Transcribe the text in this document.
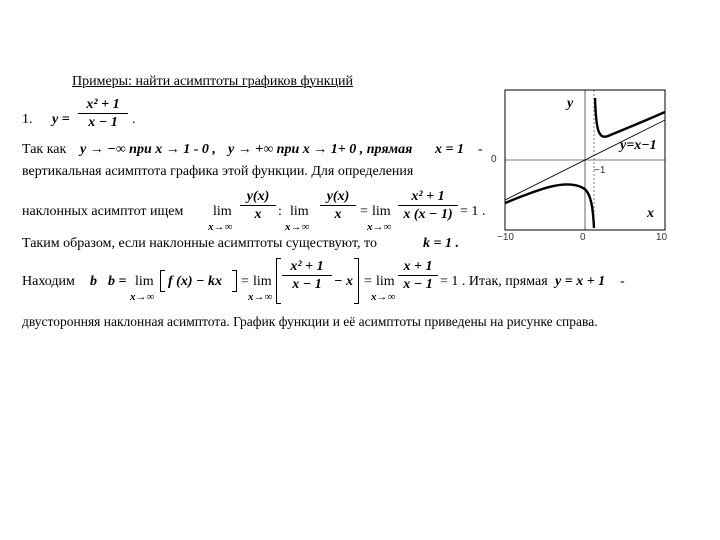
Примеры: найти асимптоты графиков функций
1. y =
x² + 1
x − 1	.
Так как y → −∞ при x → 1 - 0 , y → +∞ при x → 1+ 0 , прямая x = 1 -
вертикальная асимптота графика этой функции. Для определения
наклонных асимптот ищем lim
x→∞
y(x)
x	: lim
x→∞
y(x)
x	= lim
x→∞
x² + 1
x (x − 1) = 1 .
Таким образом, если наклонные асимптоты существуют, то	k = 1 .
Находим b b = lim
x→∞
f (x) − kx = lim
x→∞
x² + 1
x − 1 − x = lim
x→∞
x + 1
x − 1 = 1 . Итак, прямая y = x + 1 -
двусторонняя наклонная асимптота. График функции и её асимптоты приведены на рисунке справа.
y
y=x−1
0
−1
x
−10	0	10
